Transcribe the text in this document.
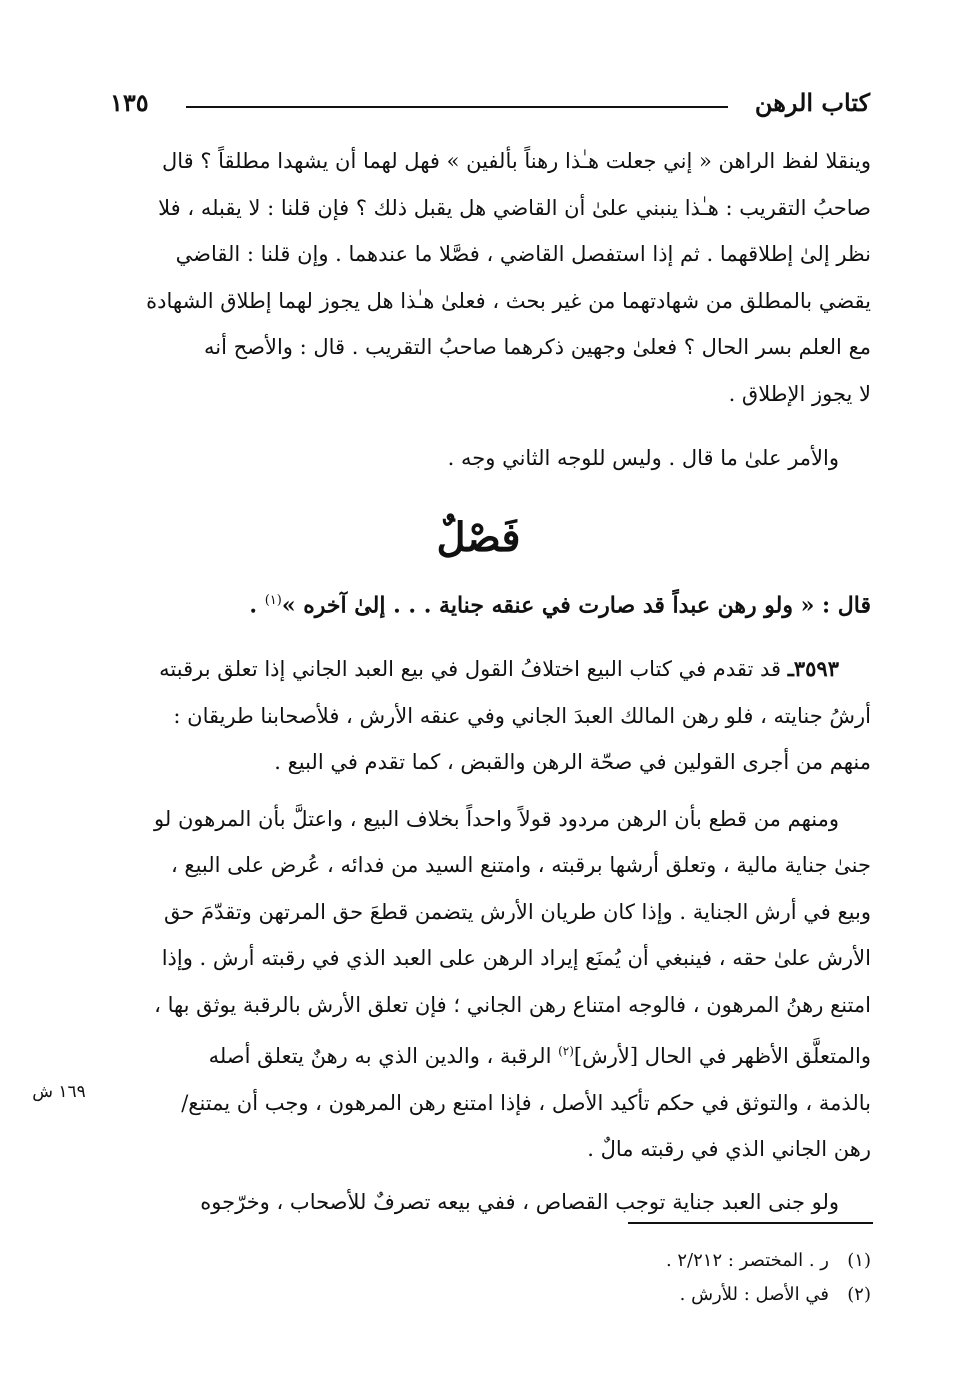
كتاب الرهن
١٣٥

وينقلا لفظ الراهن « إني جعلت هـٰذا رهناً بألفين » فهل لهما أن يشهدا مطلقاً ؟ قال

صاحبُ التقريب : هـٰذا ينبني علىٰ أن القاضي هل يقبل ذلك ؟ فإن قلنا : لا يقبله ، فلا

نظر إلىٰ إطلاقهما . ثم إذا استفصل القاضي ، فصَّلا ما عندهما . وإن قلنا : القاضي

يقضي بالمطلق من شهادتهما من غير بحث ، فعلىٰ هـٰذا هل يجوز لهما إطلاق الشهادة

مع العلم بسر الحال ؟ فعلىٰ وجهين ذكرهما صاحبُ التقريب . قال : والأصح أنه

لا يجوز الإطلاق .

والأمر علىٰ ما قال . وليس للوجه الثاني وجه .

فَصْلٌ
قال : « ولو رهن عبداً قد صارت في عنقه جناية . . . إلىٰ آخره »$^{(١)}$ .

٣٥٩٣ـ قد تقدم في كتاب البيع اختلافُ القول في بيع العبد الجاني إذا تعلق برقبته

أرشُ جنايته ، فلو رهن المالك العبدَ الجاني وفي عنقه الأرش ، فلأصحابنا طريقان :

منهم من أجرى القولين في صحّة الرهن والقبض ، كما تقدم في البيع .

ومنهم من قطع بأن الرهن مردود قولاً واحداً بخلاف البيع ، واعتلَّ بأن المرهون لو

جنىٰ جناية مالية ، وتعلق أرشها برقبته ، وامتنع السيد من فدائه ، عُرض على البيع ،

وبيع في أرش الجناية . وإذا كان طريان الأرش يتضمن قطعَ حق المرتهن وتقدّمَ حق

الأرش علىٰ حقه ، فينبغي أن يُمنَع إيراد الرهن على العبد الذي في رقبته أرش . وإذا

امتنع رهنُ المرهون ، فالوجه امتناع رهن الجاني ؛ فإن تعلق الأرش بالرقبة يوثق بها ،

والمتعلَّق الأظهر في الحال [لأرش]$^{(٢)}$ الرقبة ، والدين الذي به رهنٌ يتعلق أصله

بالذمة ، والتوثق في حكم تأكيد الأصل ، فإذا امتنع رهن المرهون ، وجب أن يمتنع/

رهن الجاني الذي في رقبته مالٌ .

ولو جنى العبد جناية توجب القصاص ، ففي بيعه تصرفٌ للأصحاب ، وخرّجوه

١٦٩ ش
(١)ر . المختصر : ٢/٢١٢ .
(٢)في الأصل : للأرش .
